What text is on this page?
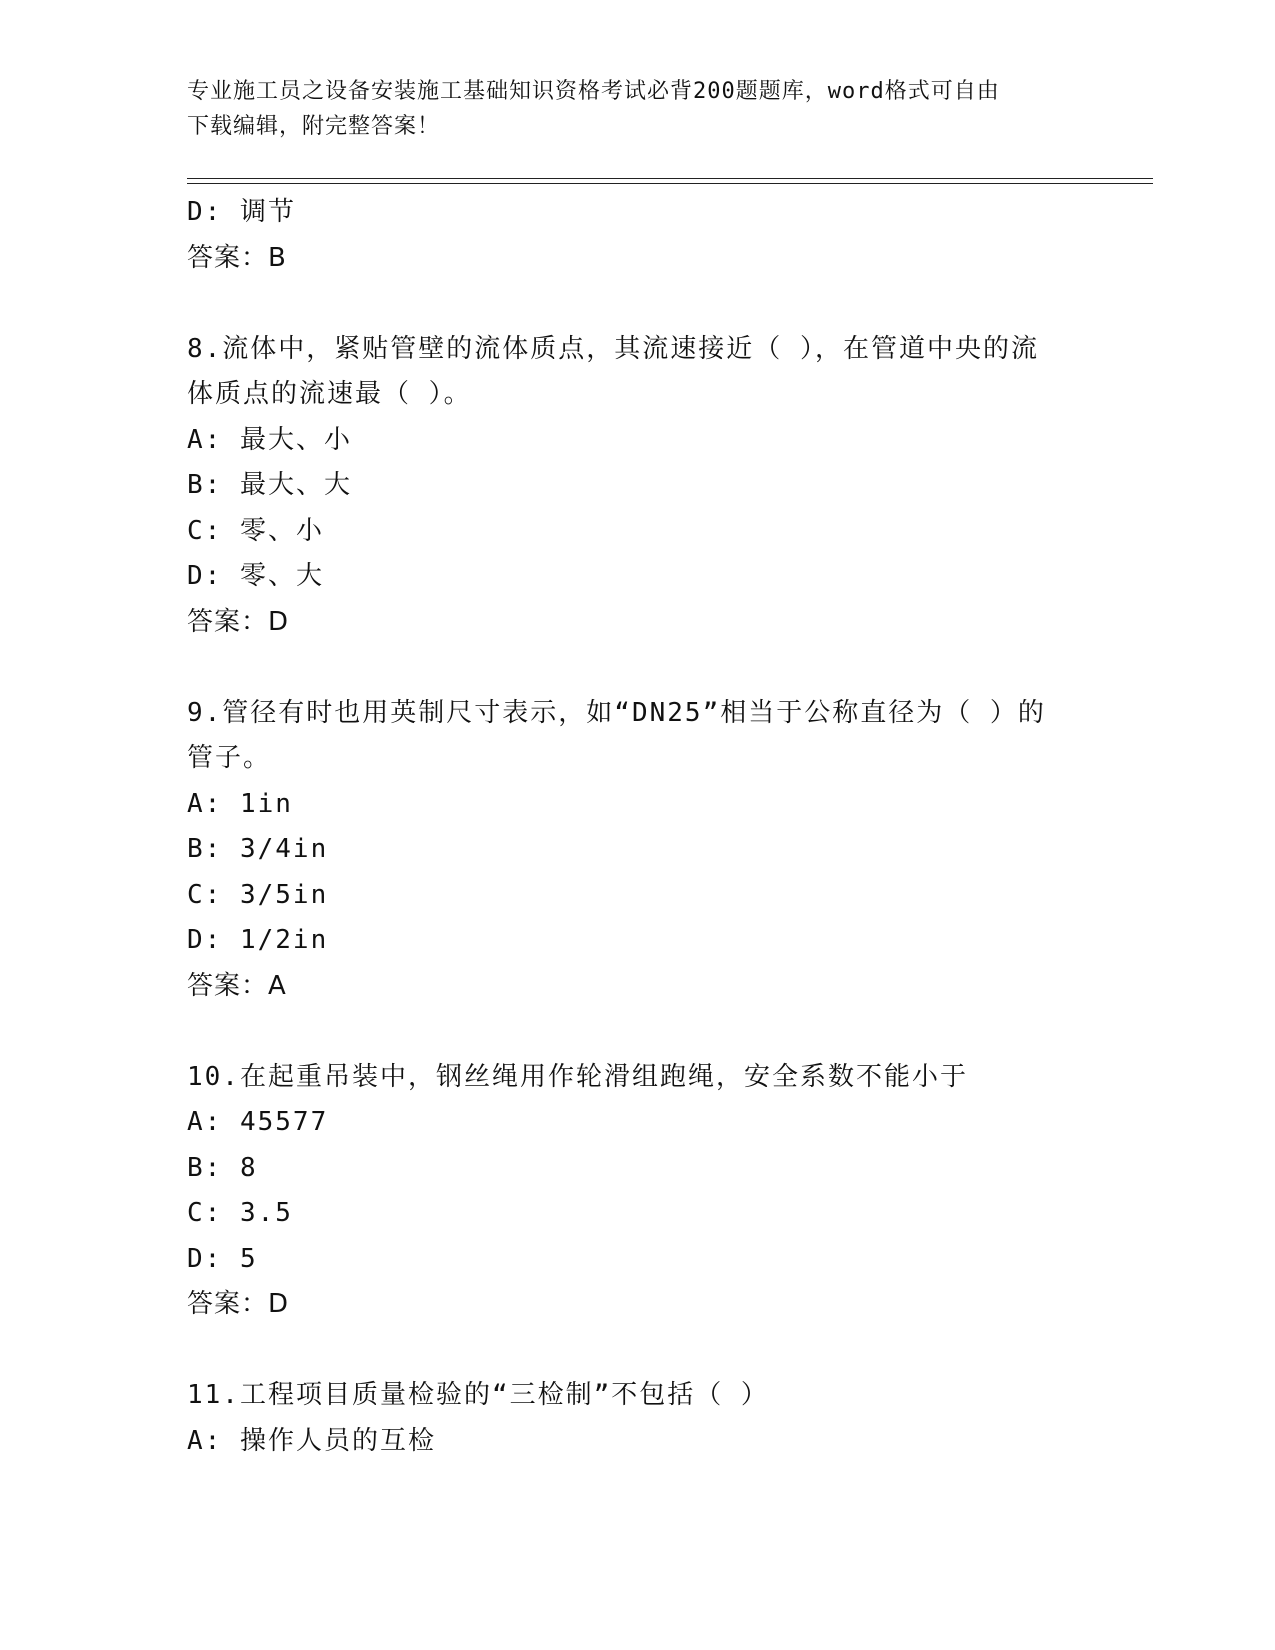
专业施工员之设备安装施工基础知识资格考试必背200题题库，word格式可自由
下载编辑，附完整答案！
D: 调节
答案：B
8.流体中，紧贴管壁的流体质点，其流速接近（ ），在管道中央的流
体质点的流速最（ ）。
A: 最大、小
B: 最大、大
C: 零、小
D: 零、大
答案：D
9.管径有时也用英制尺寸表示，如“DN25”相当于公称直径为（ ）的
管子。
A: 1in
B: 3/4in
C: 3/5in
D: 1/2in
答案：A
10.在起重吊装中，钢丝绳用作轮滑组跑绳，安全系数不能小于
A: 45577
B: 8
C: 3.5
D: 5
答案：D
11.工程项目质量检验的“三检制”不包括（ ）
A: 操作人员的互检
